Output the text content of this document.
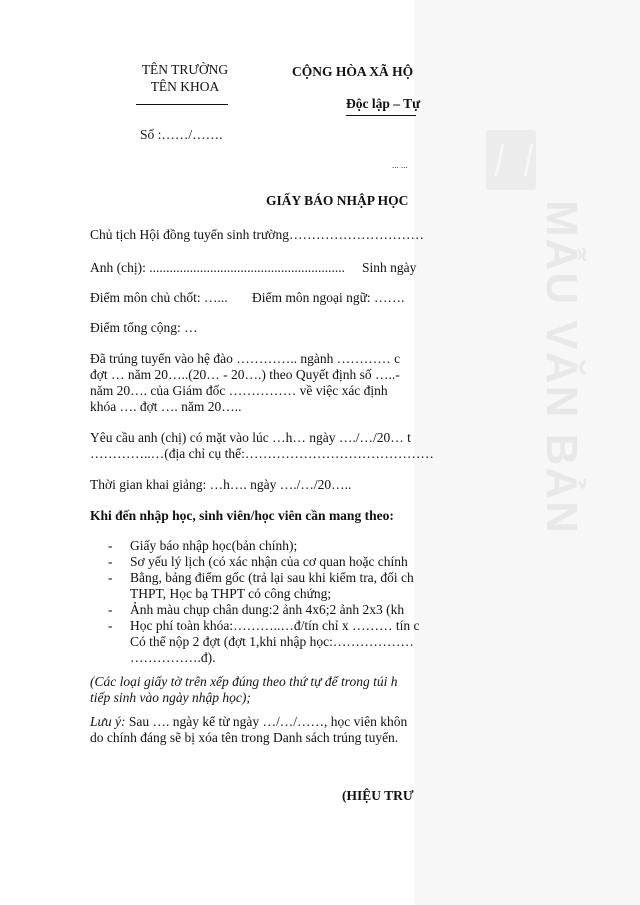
MẪU VĂN BẢN
TÊN TRƯỜNG
TÊN KHOA
Số :……/…….
CỘNG HÒA XÃ HỘ
Độc lập – Tự
... ...
GIẤY BÁO NHẬP HỌC
Chủ tịch Hội đồng tuyển sinh trường…………………………
Anh (chị): .......................................................... Sinh ngày
Điểm môn chủ chốt: …... Điểm môn ngoại ngữ: …….
Điểm tổng cộng: …
Đã trúng tuyển vào hệ đào ………….. ngành ………… c
đợt … năm 20…..(20… - 20….) theo Quyết định số …..-
năm 20…. của Giám đốc …………… về việc xác định
khóa …. đợt …. năm 20…..
Yêu cầu anh (chị) có mặt vào lúc …h… ngày …./…/20… t
…………..…(địa chỉ cụ thể:……………………………………
Thời gian khai giảng: …h…. ngày …./…/20…..
Khi đến nhập học, sinh viên/học viên cần mang theo:
- Giấy báo nhập học(bản chính);
- Sơ yếu lý lịch (có xác nhận của cơ quan hoặc chính
- Bằng, bảng điểm gốc (trả lại sau khi kiểm tra, đối ch
THPT, Học bạ THPT có công chứng;
- Ảnh màu chụp chân dung:2 ảnh 4x6;2 ảnh 2x3 (kh
- Học phí toàn khóa:………..…đ/tín chỉ x ……… tín c
Có thể nộp 2 đợt (đợt 1,khi nhập học:………………
…………….đ).
(Các loại giấy tờ trên xếp đúng theo thứ tự để trong túi h
tiếp sinh vào ngày nhập học);
Lưu ý: Sau …. ngày kể từ ngày …/…/……, học viên khôn
do chính đáng sẽ bị xóa tên trong Danh sách trúng tuyển.
(HIỆU TRƯ
